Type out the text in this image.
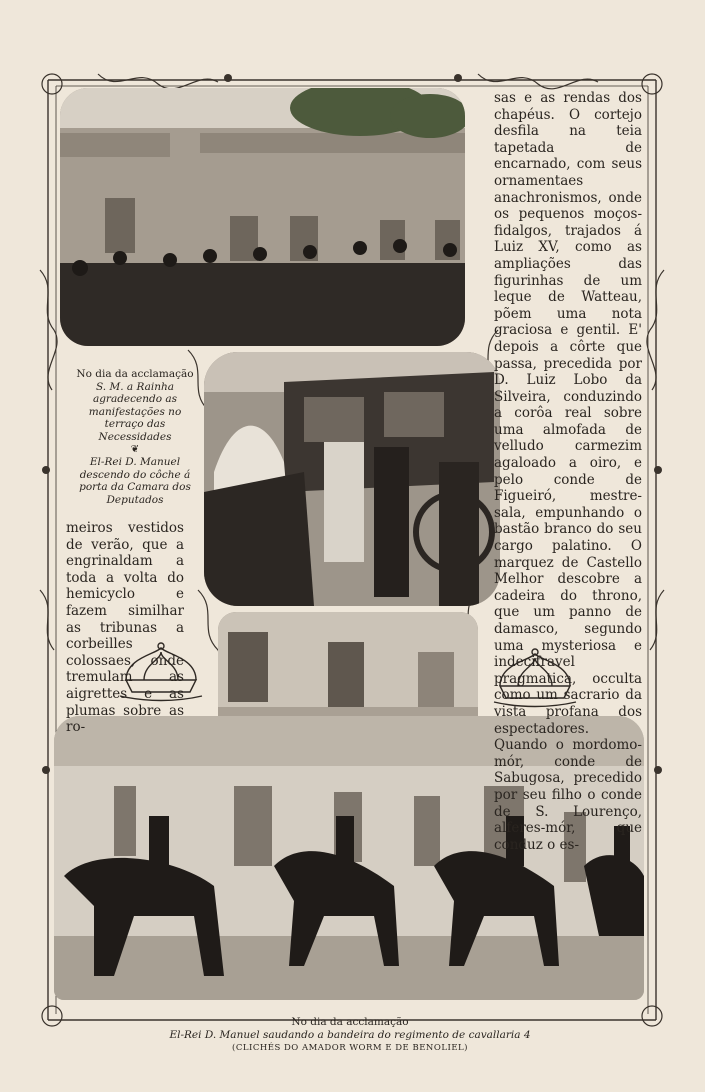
sas e as rendas dos chapéus. O cortejo desfila na teia tapetada de encarnado, com seus ornamentaes anachronismos, onde os pequenos moços-fidalgos, trajados á Luiz XV, como as ampliações das figurinhas de um leque de Watteau, põem uma nota graciosa e gentil. E' depois a côrte que passa, precedida por D. Luiz Lobo da Silveira, conduzindo a corôa real sobre uma almofada de velludo carmezim agaloado a oiro, e pelo conde de Figueiró, mestre-sala, empunhando o bastão branco do seu cargo palatino. O marquez de Castello Melhor descobre a cadeira do throno, que um panno de damasco, segundo uma mysteriosa e indecifravel pragmatica, occulta como um sacrario da vista profana dos espectadores. Quando o mordomo-mór, conde de Sabugosa, precedido por seu filho o conde de S. Lourenço, alferes-mór, que conduz o es-

meiros vestidos de verão, que a engrinaldam a toda a volta do hemicyclo e fazem similhar as tribunas a corbeilles colossaes, onde tremulam as aigrettes e as plumas sobre as ro-

No dia da acclamação
S. M. a Rainha agradecendo as manifestações no terraço das Necessidades
❦
El-Rei D. Manuel descendo do côche á porta da Camara dos Deputados
No dia da acclamação
El-Rei D. Manuel saudando a bandeira do regimento de cavallaria 4
(CLICHÉS DO AMADOR WORM E DE BENOLIEL)
